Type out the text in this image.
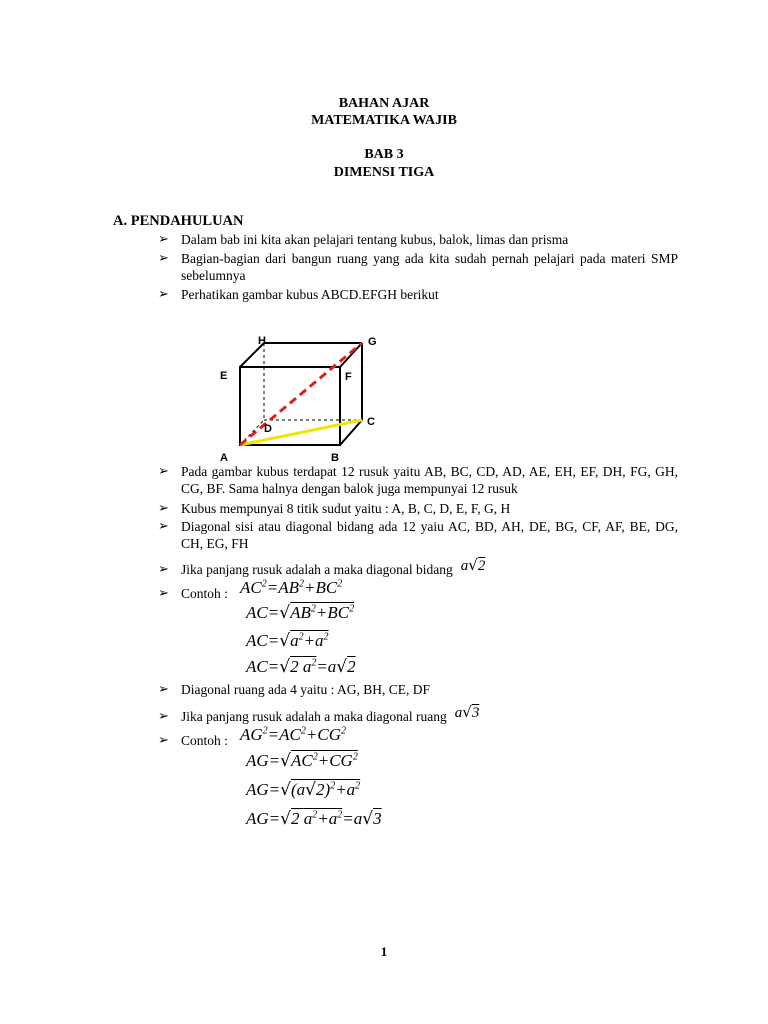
BAHAN AJAR
MATEMATIKA WAJIB
BAB 3
DIMENSI TIGA
A. PENDAHULUAN
➢ Dalam bab ini kita akan pelajari tentang kubus, balok, limas dan prisma
➢ Bagian-bagian dari bangun ruang yang ada kita sudah pernah pelajari pada materi SMP sebelumnya
➢ Perhatikan gambar kubus ABCD.EFGH berikut
H	G
E	F
D
C
A	B
➢ Pada gambar kubus terdapat 12 rusuk yaitu AB, BC, CD, AD, AE, EH, EF, DH, FG, GH, CG, BF. Sama halnya dengan balok juga mempunyai 12 rusuk
➢ Kubus mempunyai 8 titik sudut yaitu : A, B, C, D, E, F, G, H
➢ Diagonal sisi atau diagonal bidang ada 12 yaiu AC, BD, AH, DE, BG, CF, AF, BE, DG, CH, EG, FH
➢ Jika panjang rusuk adalah a maka diagonal bidang a√2
➢ Contoh : $AC^2=AB^2+BC^2$
$AC=√AB^2+BC^2$
$AC=√a^2+a^2$
AC=√2 $a^2=a√2$
➢ Diagonal ruang ada 4 yaitu : AG, BH, CE, DF
➢ Jika panjang rusuk adalah a maka diagonal ruang a√3
➢ Contoh : $AG^2=AC^2+CG^2$
$AG=√AC^2+CG^2$
$AG=√(a√2)^2+a^2$
AG=√2 $a^2+a^2=a√3$
1
